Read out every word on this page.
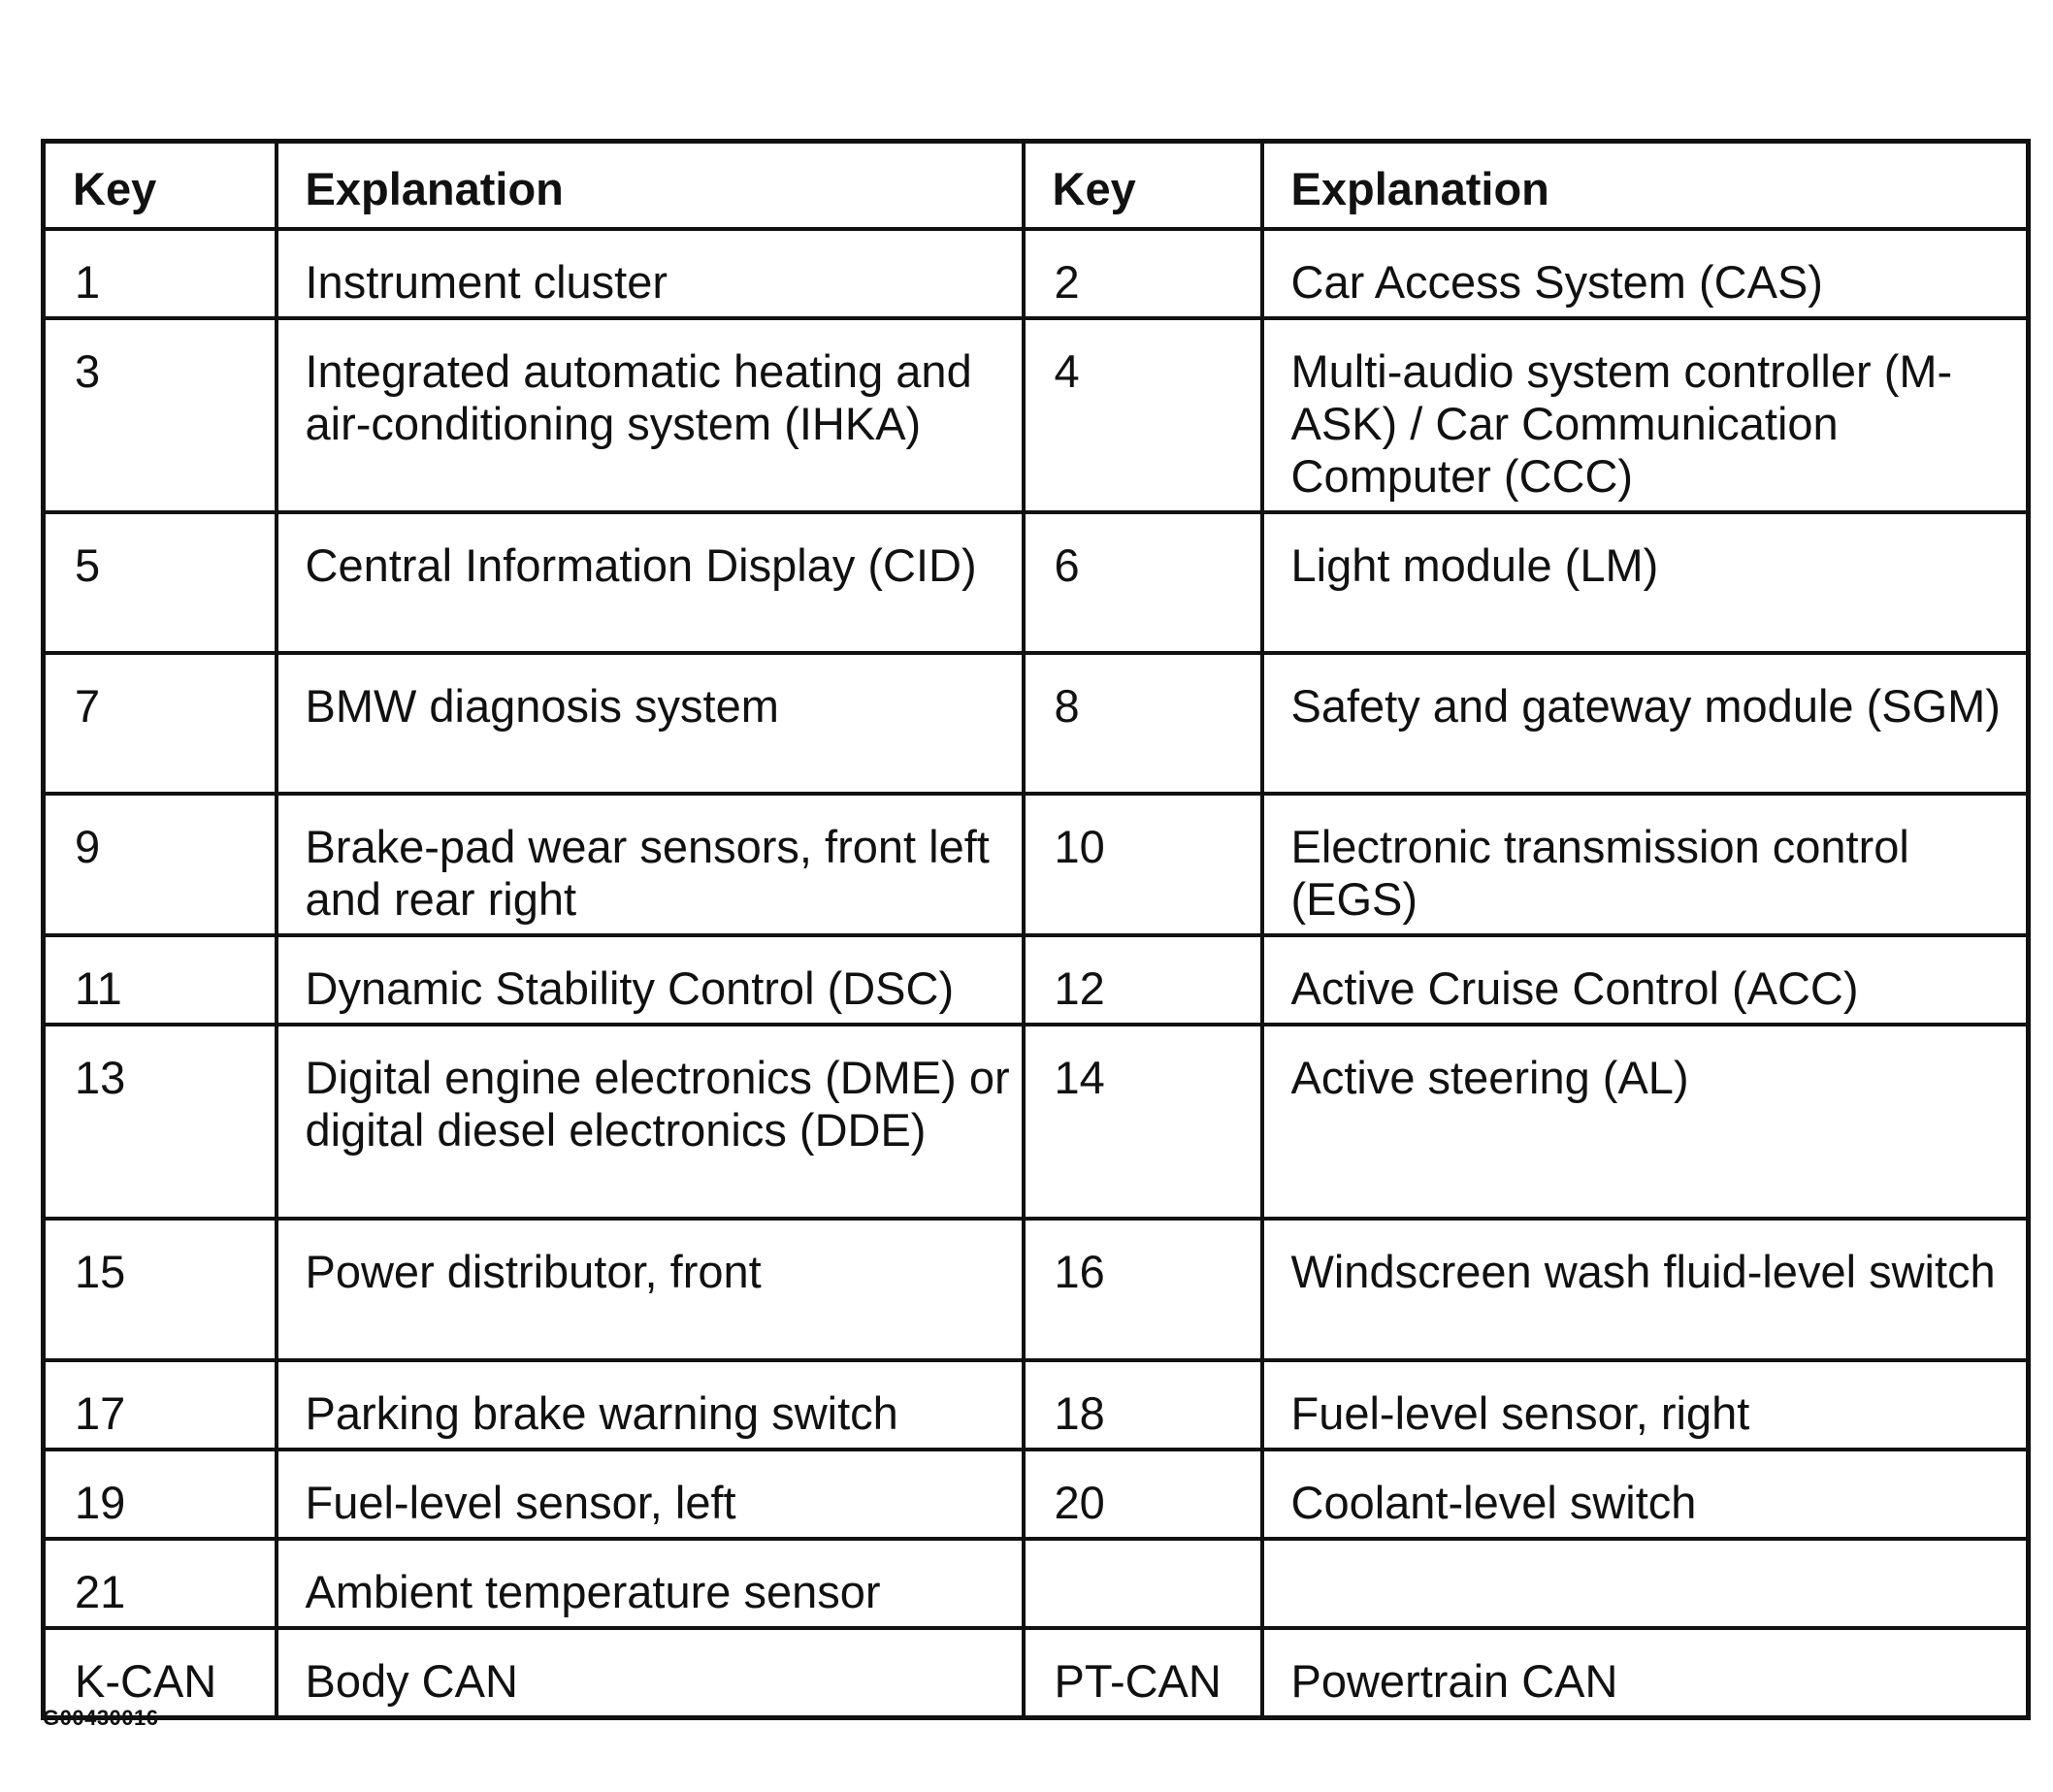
Key	Explanation	Key	Explanation
1	Instrument cluster	2	Car Access System (CAS)
3	Integrated automatic heating and air-conditioning system (IHKA)	4	Multi-audio system controller (M-ASK) / Car Communication Computer (CCC)
5	Central Information Display (CID)	6	Light module (LM)
7	BMW diagnosis system	8	Safety and gateway module (SGM)
9	Brake-pad wear sensors, front left and rear right	10	Electronic transmission control (EGS)
11	Dynamic Stability Control (DSC)	12	Active Cruise Control (ACC)
13	Digital engine electronics (DME) or digital diesel electronics (DDE)	14	Active steering (AL)
15	Power distributor, front	16	Windscreen wash fluid-level switch
17	Parking brake warning switch	18	Fuel-level sensor, right
19	Fuel-level sensor, left	20	Coolant-level switch
21	Ambient temperature sensor		
K-CAN	Body CAN	PT-CAN	Powertrain CAN
G00430016
